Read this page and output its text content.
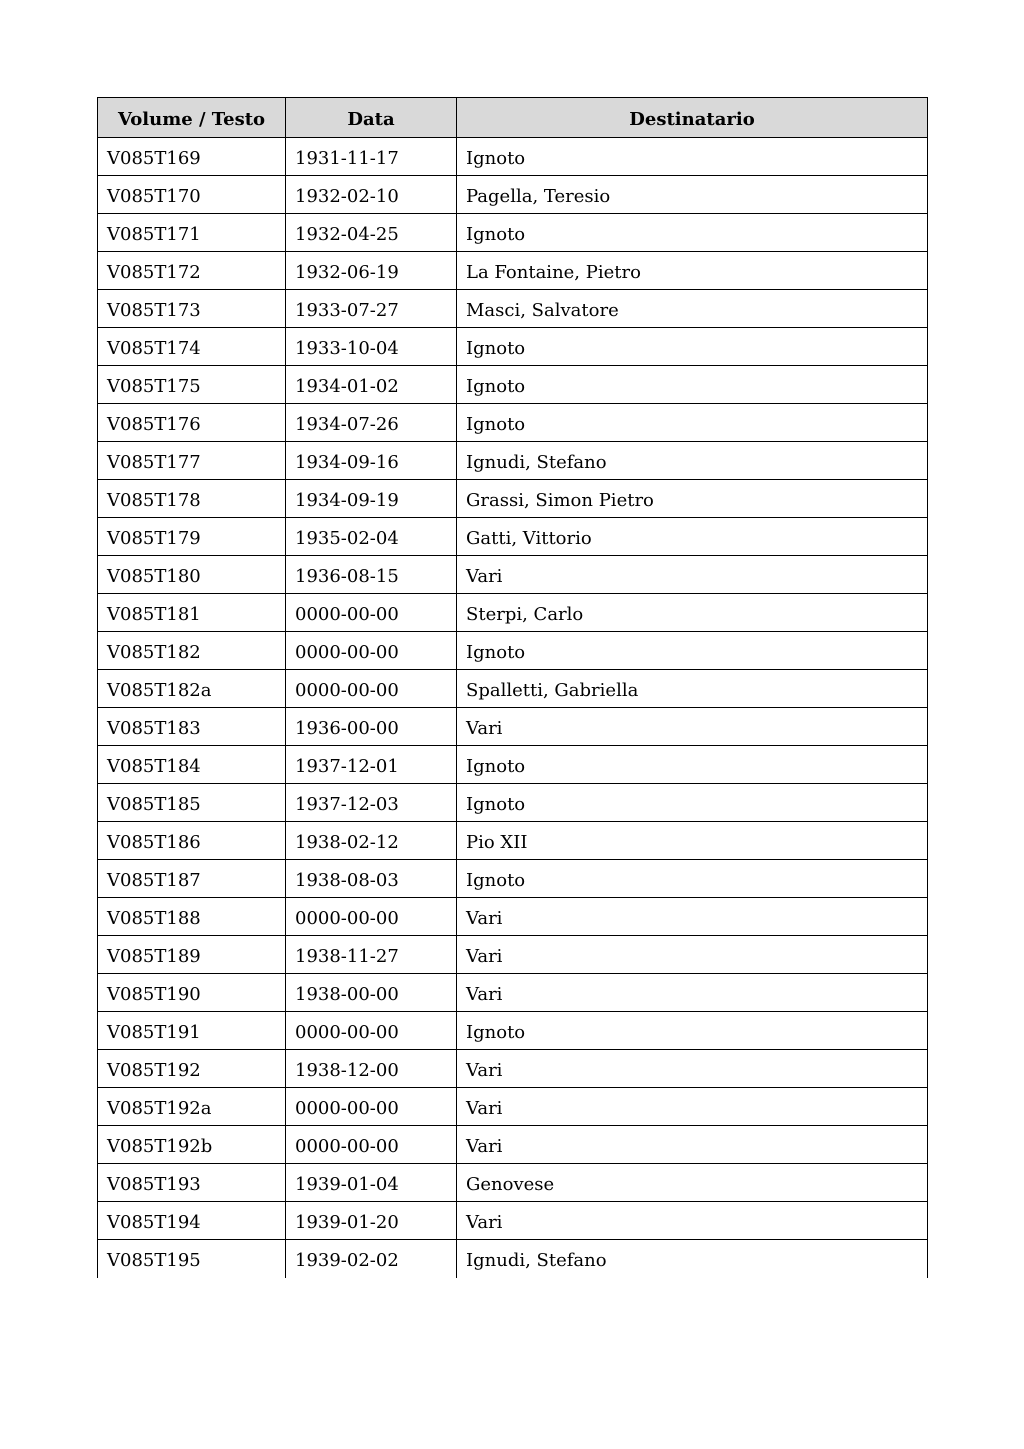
Volume / Testo	Data	Destinatario
V085T169	1931-11-17	Ignoto
V085T170	1932-02-10	Pagella, Teresio
V085T171	1932-04-25	Ignoto
V085T172	1932-06-19	La Fontaine, Pietro
V085T173	1933-07-27	Masci, Salvatore
V085T174	1933-10-04	Ignoto
V085T175	1934-01-02	Ignoto
V085T176	1934-07-26	Ignoto
V085T177	1934-09-16	Ignudi, Stefano
V085T178	1934-09-19	Grassi, Simon Pietro
V085T179	1935-02-04	Gatti, Vittorio
V085T180	1936-08-15	Vari
V085T181	0000-00-00	Sterpi, Carlo
V085T182	0000-00-00	Ignoto
V085T182a	0000-00-00	Spalletti, Gabriella
V085T183	1936-00-00	Vari
V085T184	1937-12-01	Ignoto
V085T185	1937-12-03	Ignoto
V085T186	1938-02-12	Pio XII
V085T187	1938-08-03	Ignoto
V085T188	0000-00-00	Vari
V085T189	1938-11-27	Vari
V085T190	1938-00-00	Vari
V085T191	0000-00-00	Ignoto
V085T192	1938-12-00	Vari
V085T192a	0000-00-00	Vari
V085T192b	0000-00-00	Vari
V085T193	1939-01-04	Genovese
V085T194	1939-01-20	Vari
V085T195	1939-02-02	Ignudi, Stefano
